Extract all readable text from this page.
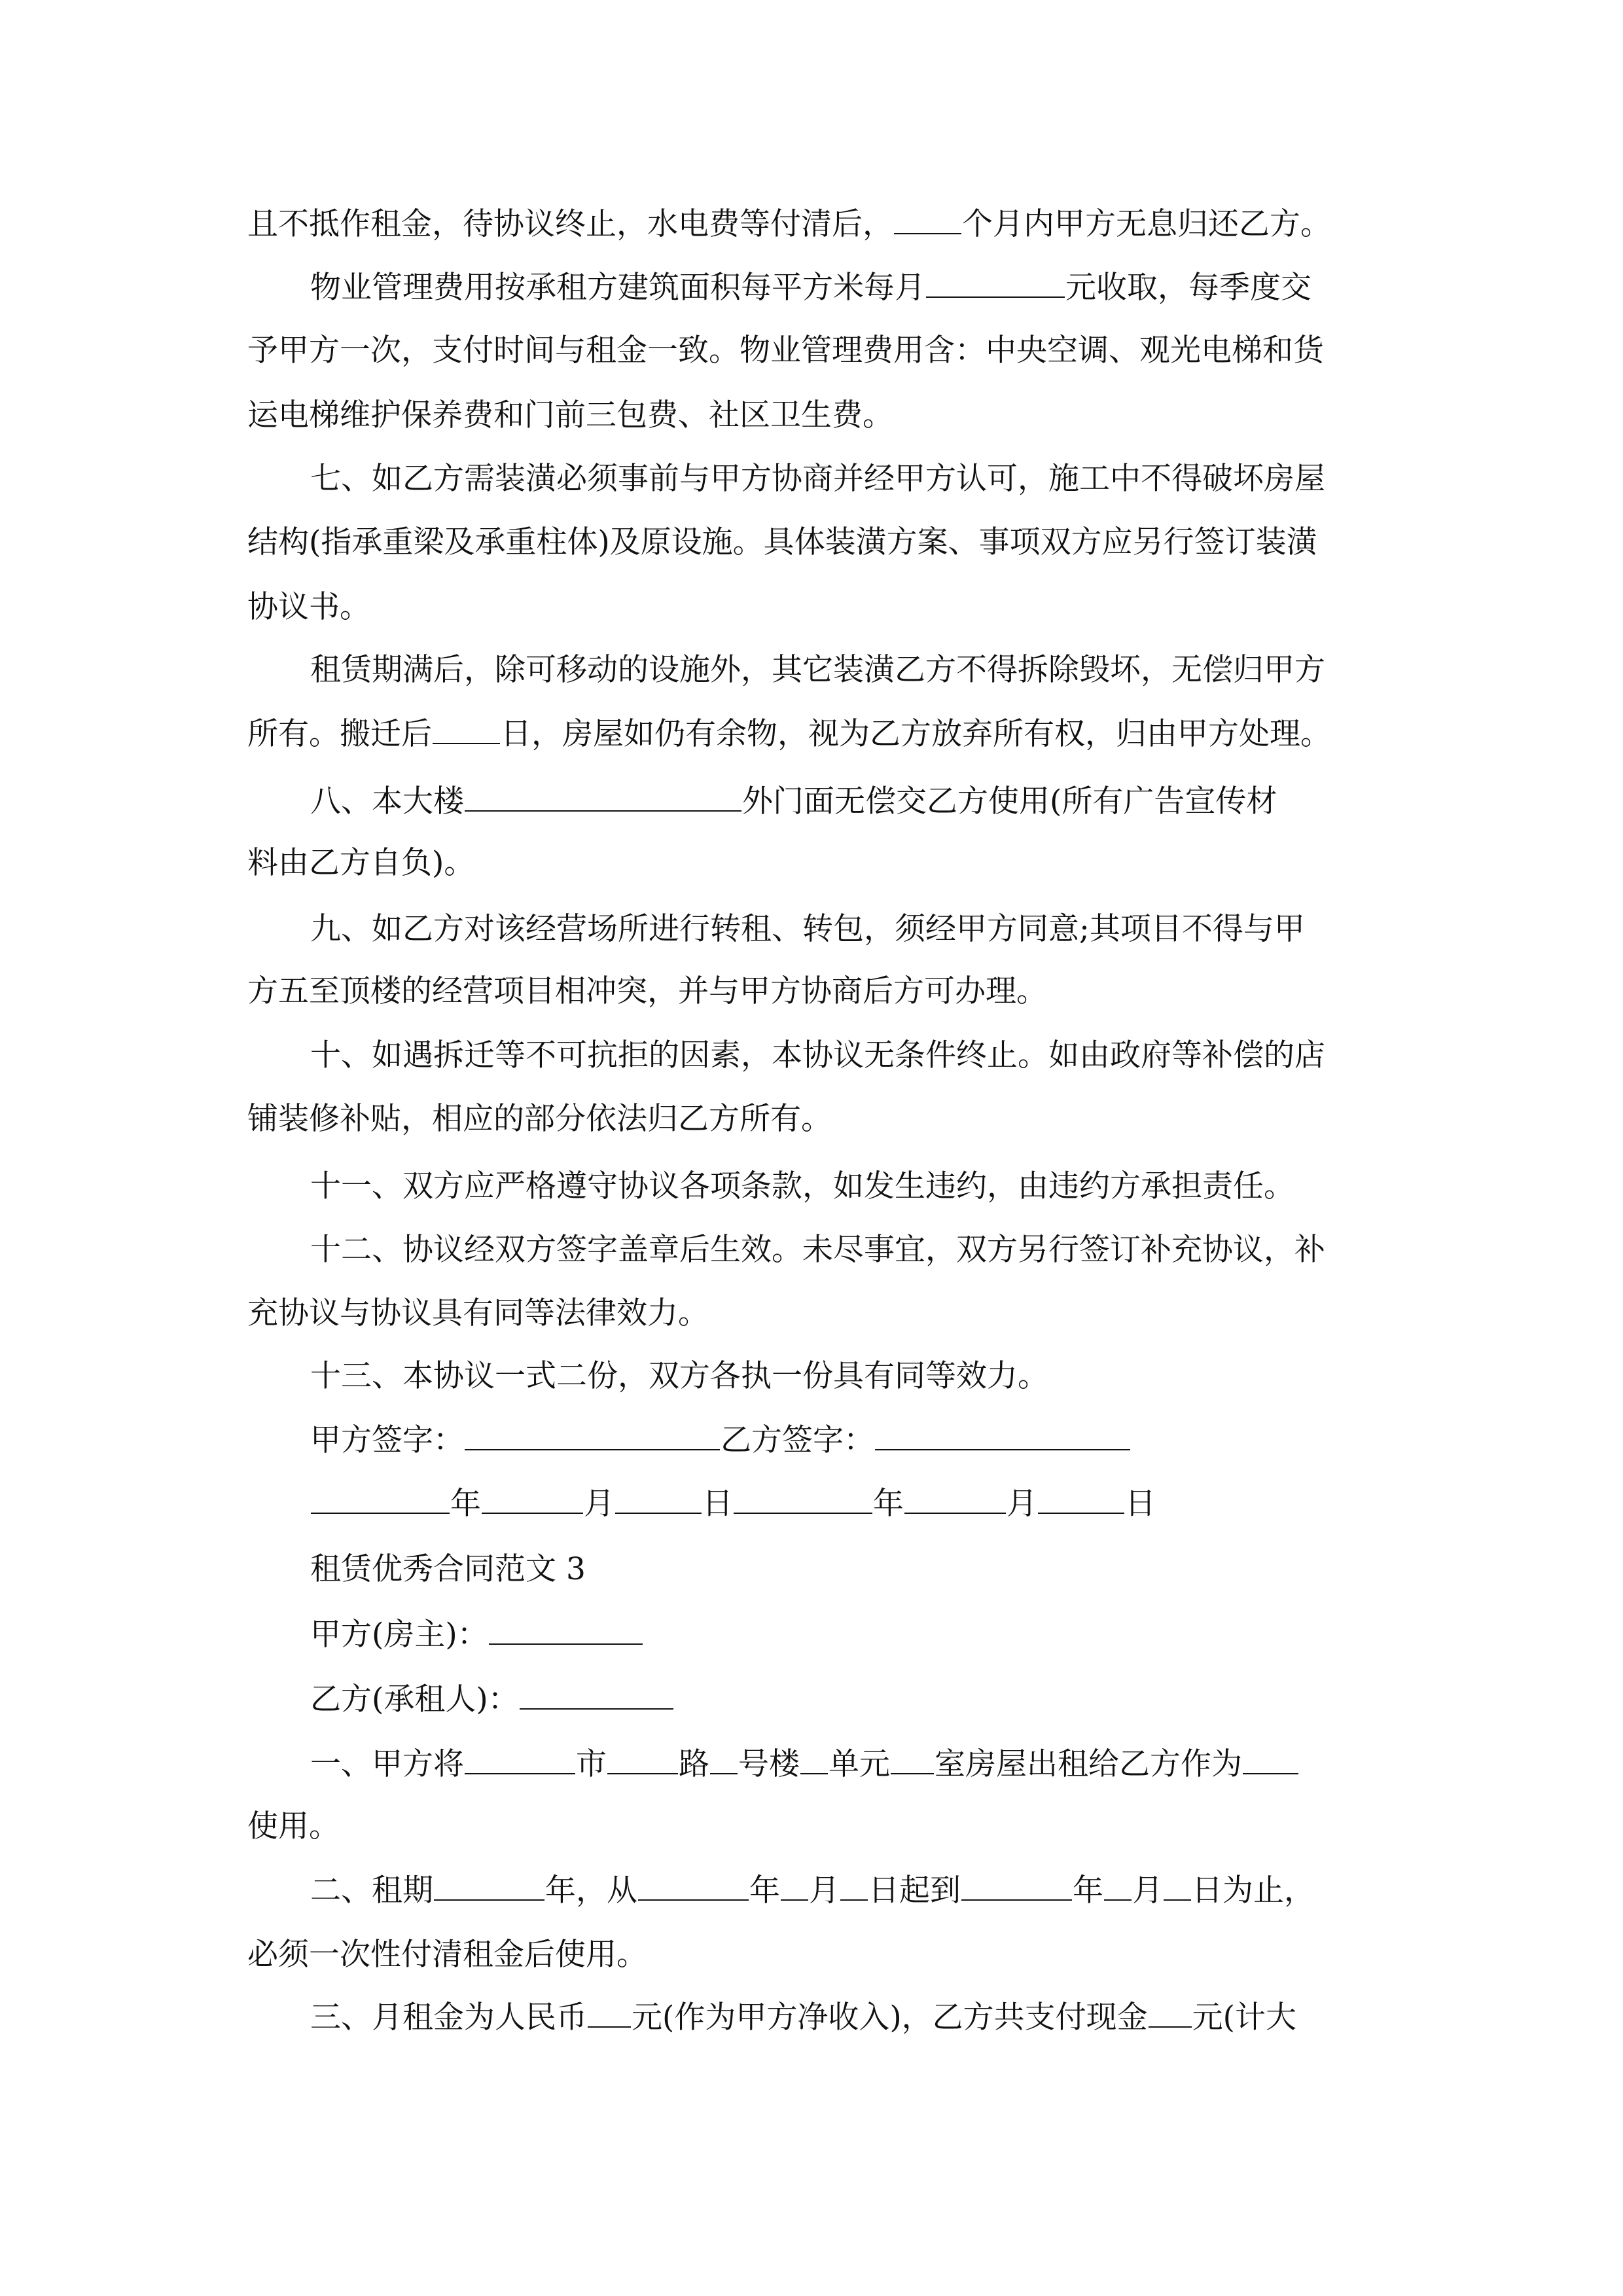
且不抵作租金，待协议终止，水电费等付清后， 个月内甲方无息归还乙方。
物业管理费用按承租方建筑面积每平方米每月	元收取，每季度交
予甲方一次，支付时间与租金一致。物业管理费用含：中央空调、观光电梯和货
运电梯维护保养费和门前三包费、社区卫生费。
七、如乙方需装潢必须事前与甲方协商并经甲方认可，施工中不得破坏房屋
结构(指承重梁及承重柱体)及原设施。具体装潢方案、事项双方应另行签订装潢
协议书。
租赁期满后，除可移动的设施外，其它装潢乙方不得拆除毁坏，无偿归甲方
所有。搬迁后 日，房屋如仍有余物，视为乙方放弃所有权，归由甲方处理。
八、本大楼	外门面无偿交乙方使用(所有广告宣传材
料由乙方自负)。
九、如乙方对该经营场所进行转租、转包，须经甲方同意;其项目不得与甲
方五至顶楼的经营项目相冲突，并与甲方协商后方可办理。
十、如遇拆迁等不可抗拒的因素，本协议无条件终止。如由政府等补偿的店
铺装修补贴，相应的部分依法归乙方所有。
十一、双方应严格遵守协议各项条款，如发生违约，由违约方承担责任。
十二、协议经双方签字盖章后生效。未尽事宜，双方另行签订补充协议，补
充协议与协议具有同等法律效力。
十三、本协议一式二份，双方各执一份具有同等效力。
甲方签字：	乙方签字：
年	月	日	年	月	日
租赁优秀合同范文 3
甲方(房主)：
乙方(承租人)：
一、甲方将	市 路 号楼 单元 室房屋出租给乙方作为
使用。
二、租期	年，从	年 月 日起到	年 月 日为止，
必须一次性付清租金后使用。
三、月租金为人民币 元(作为甲方净收入)，乙方共支付现金 元(计大
